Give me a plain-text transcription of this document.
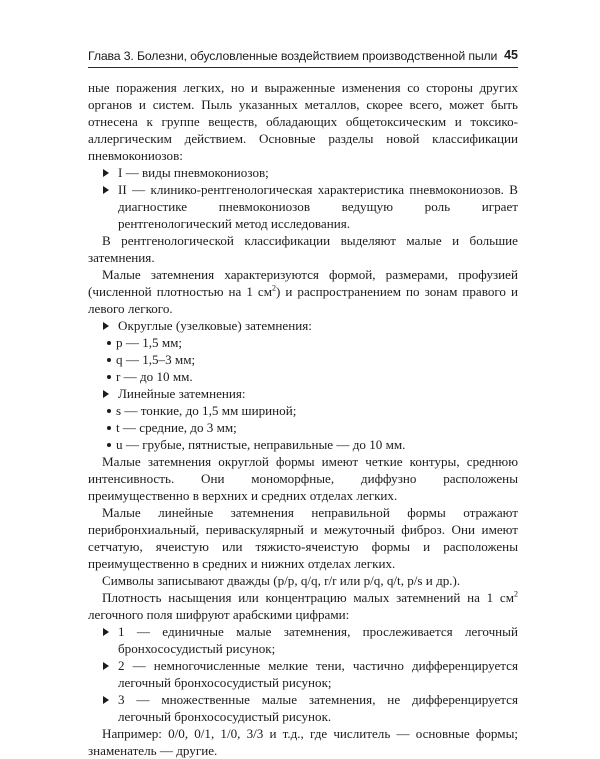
Глава 3. Болезни, обусловленные воздействием производственной пыли 45

ные поражения легких, но и выраженные изменения со стороны других органов и систем. Пыль указанных металлов, скорее всего, может быть отнесена к группе веществ, обладающих общетоксическим и токсико-аллергическим действием. Основные разделы новой классификации пневмокониозов:

I — виды пневмокониозов;
II — клинико-рентгенологическая характеристика пневмокониозов. В диагностике пневмокониозов ведущую роль играет рентгенологический метод исследования.

В рентгенологической классификации выделяют малые и большие затемнения.

Малые затемнения характеризуются формой, размерами, профузией (численной плотностью на 1 $см^2$) и распространением по зонам правого и левого легкого.

Округлые (узелковые) затемнения:
p — 1,5 мм;
q — 1,5–3 мм;
r — до 10 мм.
Линейные затемнения:
s — тонкие, до 1,5 мм шириной;
t — средние, до 3 мм;
u — грубые, пятнистые, неправильные — до 10 мм.

Малые затемнения округлой формы имеют четкие контуры, среднюю интенсивность. Они мономорфные, диффузно расположены преимущественно в верхних и средних отделах легких.

Малые линейные затемнения неправильной формы отражают перибронхиальный, периваскулярный и межуточный фиброз. Они имеют сетчатую, ячеистую или тяжисто-ячеистую формы и расположены преимущественно в средних и нижних отделах легких.

Символы записывают дважды (p/p, q/q, r/r или p/q, q/t, p/s и др.).

Плотность насыщения или концентрацию малых затемнений на 1 $см^2$ легочного поля шифруют арабскими цифрами:

1 — единичные малые затемнения, прослеживается легочный бронхососудистый рисунок;
2 — немногочисленные мелкие тени, частично дифференцируется легочный бронхососудистый рисунок;
3 — множественные малые затемнения, не дифференцируется легочный бронхососудистый рисунок.

Например: 0/0, 0/1, 1/0, 3/3 и т.д., где числитель — основные формы; знаменатель — другие.
